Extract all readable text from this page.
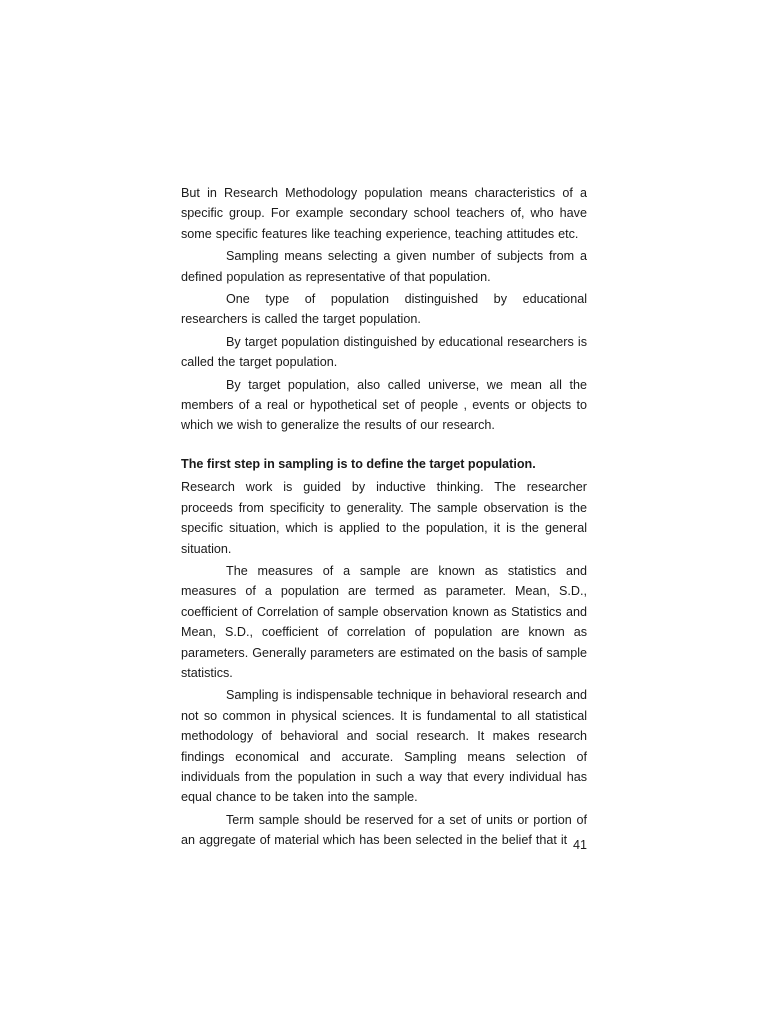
But in Research Methodology population means characteristics of a specific group. For example secondary school teachers of, who have some specific features like teaching experience, teaching attitudes etc.

Sampling means selecting a given number of subjects from a defined population as representative of that population.

One type of population distinguished by educational researchers is called the target population.

By target population distinguished by educational researchers is called the target population.

By target population, also called universe, we mean all the members of a real or hypothetical set of people , events or objects to which we wish to generalize the results of our research.

The first step in sampling is to define the target population.

Research work is guided by inductive thinking. The researcher proceeds from specificity to generality. The sample observation is the specific situation, which is applied to the population, it is the general situation.

The measures of a sample are known as statistics and measures of a population are termed as parameter. Mean, S.D., coefficient of Correlation of sample observation known as Statistics and Mean, S.D., coefficient of correlation of population are known as parameters. Generally parameters are estimated on the basis of sample statistics.

Sampling is indispensable technique in behavioral research and not so common in physical sciences. It is fundamental to all statistical methodology of behavioral and social research. It makes research findings economical and accurate. Sampling means selection of individuals from the population in such a way that every individual has equal chance to be taken into the sample.

Term sample should be reserved for a set of units or portion of an aggregate of material which has been selected in the belief that it 41
